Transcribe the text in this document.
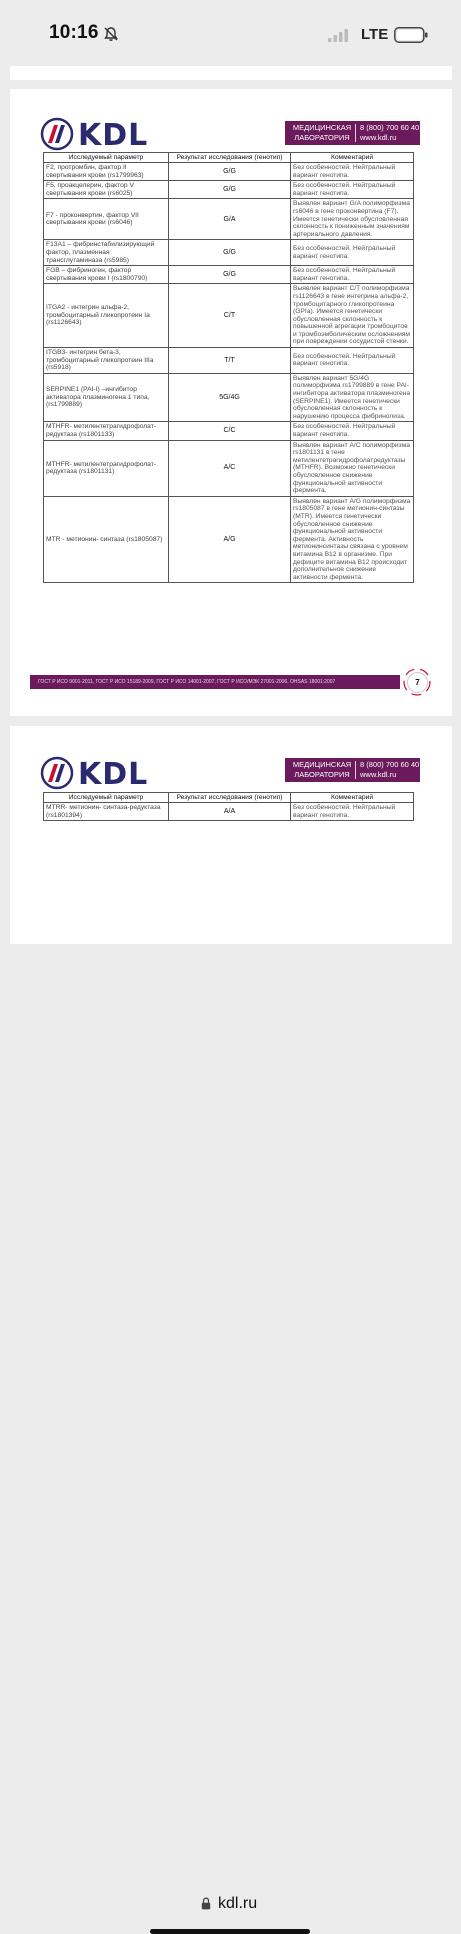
10:16	LTE
KDL	МЕДИЦИНСКАЯ
ЛАБОРАТОРИЯ
8 (800) 700 60 40
www.kdl.ru
Исследуемый параметр	Результат исследования (генотип)	Комментарий
F2, протромбин, фактор II свертывания крови (rs1799963)	G/G	Без особенностей. Нейтральный вариант генотипа.
F5, проакцелерин, фактор V свертывания крови (rs6025)	G/G	Без особенностей. Нейтральный вариант генотипа.
F7 - проконвертин, фактор VII свертывания крови (rs6046)	G/A	Выявлен вариант G/A полиморфизма rs6046 в гене проконвертина (F7). Имеется генетически обусловленная склонность к пониженным значениям артериального давления.
F13A1 – фибринстабилизирующий фактор, плазменная трансглутаминаза (rs5985)	G/G	Без особенностей. Нейтральный вариант генотипа.
FGB – фибриноген, фактор свертывания крови I (rs1800790)	G/G	Без особенностей. Нейтральный вариант генотипа.
ITGA2 - интегрин альфа-2, тромбоцитарный гликопротеин Ia (rs1126643)	C/T	Выявлен вариант C/T полиморфизма rs1126643 в гене интегрина альфа-2, тромбоцитарного гликопротеина (GPIa). Имеется генетически обусловленная склонность к повышенной агрегации тромбоцитов и тромбоэмболическим осложнениям при повреждении сосудистой стенки.
ITGB3- интегрин бета-3, тромбоцитарный гликопротеин IIIa (rs5918)	T/T	Без особенностей. Нейтральный вариант генотипа.
SERPINE1 (PAI-I) –ингибитор активатора плазминогена 1 типа, (rs1799889)	5G/4G	Выявлен вариант 5G/4G полиморфизма rs1799889 в гене PAI-ингибитора активатора плазминогена (SERPINE1). Имеется генетически обусловленная склонность к нарушению процесса фибринолиза.
MTHFR- метилентетрагидрофолат-редуктаза (rs1801133)	C/C	Без особенностей. Нейтральный вариант генотипа.
MTHFR- метилентетрагидрофолат-редуктаза (rs1801131)	A/C	Выявлен вариант A/C полиморфизма rs1801131 в гене метилентетрагидрофолатредуктазы (MTHFR). Возможно генетически обусловленное снижение функциональной активности фермента.
MTR - метионин- синтаза (rs1805087)	A/G	Выявлен вариант A/G полиморфизма rs1805087 в гене метионин-синтазы (MTR). Имеется генетически обусловленное снижение функциональной активности фермента. Активность метионинсинтазы связана с уровнем витамина B12 в организме. При дефиците витамина B12 происходит дополнительное снижение активности фермента.
ГОСТ Р ИСО 9001-2011, ГОСТ Р ИСО 15189-2009, ГОСТ Р ИСО 14001-2007, ГОСТ Р ИСО/МЭК 27001-2006, OHSAS 18001:2007	7
KDL	МЕДИЦИНСКАЯ
ЛАБОРАТОРИЯ
8 (800) 700 60 40
www.kdl.ru
Исследуемый параметр	Результат исследования (генотип)	Комментарий
MTRR- метионин- синтаза-редуктаза (rs1801394)	A/A	Без особенностей. Нейтральный вариант генотипа.
kdl.ru
